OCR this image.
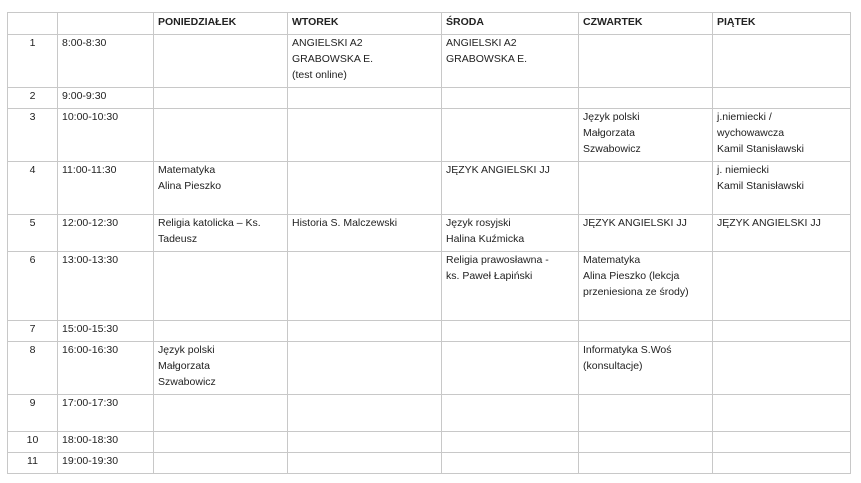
		PONIEDZIAŁEK	WTOREK	ŚRODA	CZWARTEK	PIĄTEK
1	8:00-8:30		ANGIELSKI A2
GRABOWSKA E.
(test online)	ANGIELSKI A2
GRABOWSKA E.		
2	9:00-9:30					
3	10:00-10:30				Język polski
Małgorzata
Szwabowicz	j.niemiecki /
wychowawcza
Kamil Stanisławski
4	11:00-11:30	Matematyka
Alina Pieszko		JĘZYK ANGIELSKI JJ		j. niemiecki
Kamil Stanisławski
5	12:00-12:30	Religia katolicka – Ks.
Tadeusz	Historia S. Malczewski	Język rosyjski
Halina Kuźmicka	JĘZYK ANGIELSKI JJ	JĘZYK ANGIELSKI JJ
6	13:00-13:30			Religia prawosławna -
ks. Paweł Łapiński	Matematyka
Alina Pieszko (lekcja
przeniesiona ze środy)	
7	15:00-15:30					
8	16:00-16:30	Język polski
Małgorzata
Szwabowicz			Informatyka S.Woś
(konsultacje)	
9	17:00-17:30					
10	18:00-18:30					
11	19:00-19:30					
